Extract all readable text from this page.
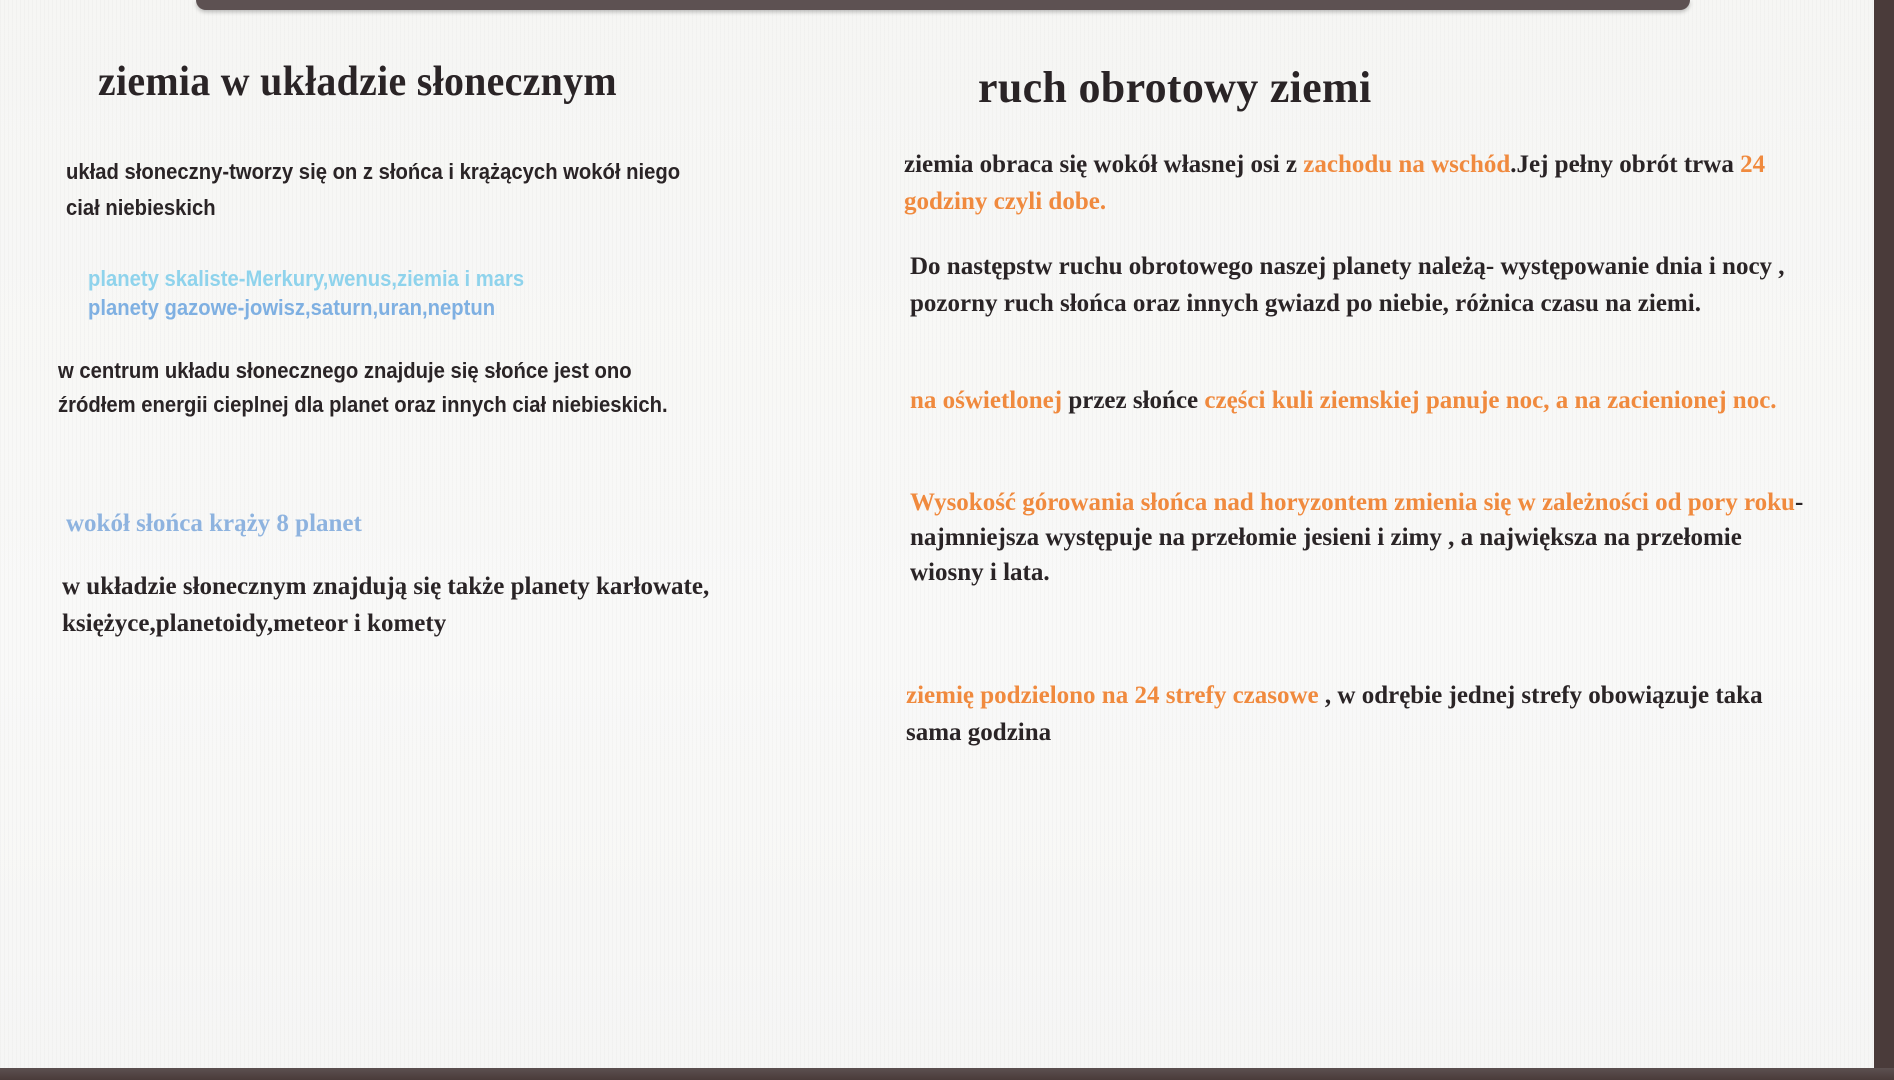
ziemia w układzie słonecznym	ruch obrotowy ziemi

układ słoneczny-tworzy się on z słońca i krążących wokół niego ciał niebieskich

planety skaliste-Merkury,wenus,ziemia i mars
planety gazowe-jowisz,saturn,uran,neptun

w centrum układu słonecznego znajduje się słońce jest ono źródłem energii cieplnej dla planet oraz innych ciał niebieskich.

wokół słońca krąży 8 planet

w układzie słonecznym znajdują się także planety karłowate, księżyce,planetoidy,meteor i komety

ziemia obraca się wokół własnej osi z zachodu na wschód.Jej pełny obrót trwa 24 godziny czyli dobe.

Do następstw ruchu obrotowego naszej planety należą- występowanie dnia i nocy , pozorny ruch słońca oraz innych gwiazd po niebie, różnica czasu na ziemi.

na oświetlonej przez słońce części kuli ziemskiej panuje noc, a na zacienionej noc.

Wysokość górowania słońca nad horyzontem zmienia się w zależności od pory roku-najmniejsza występuje na przełomie jesieni i zimy , a największa na przełomie wiosny i lata.

ziemię podzielono na 24 strefy czasowe , w odrębie jednej strefy obowiązuje taka sama godzina
